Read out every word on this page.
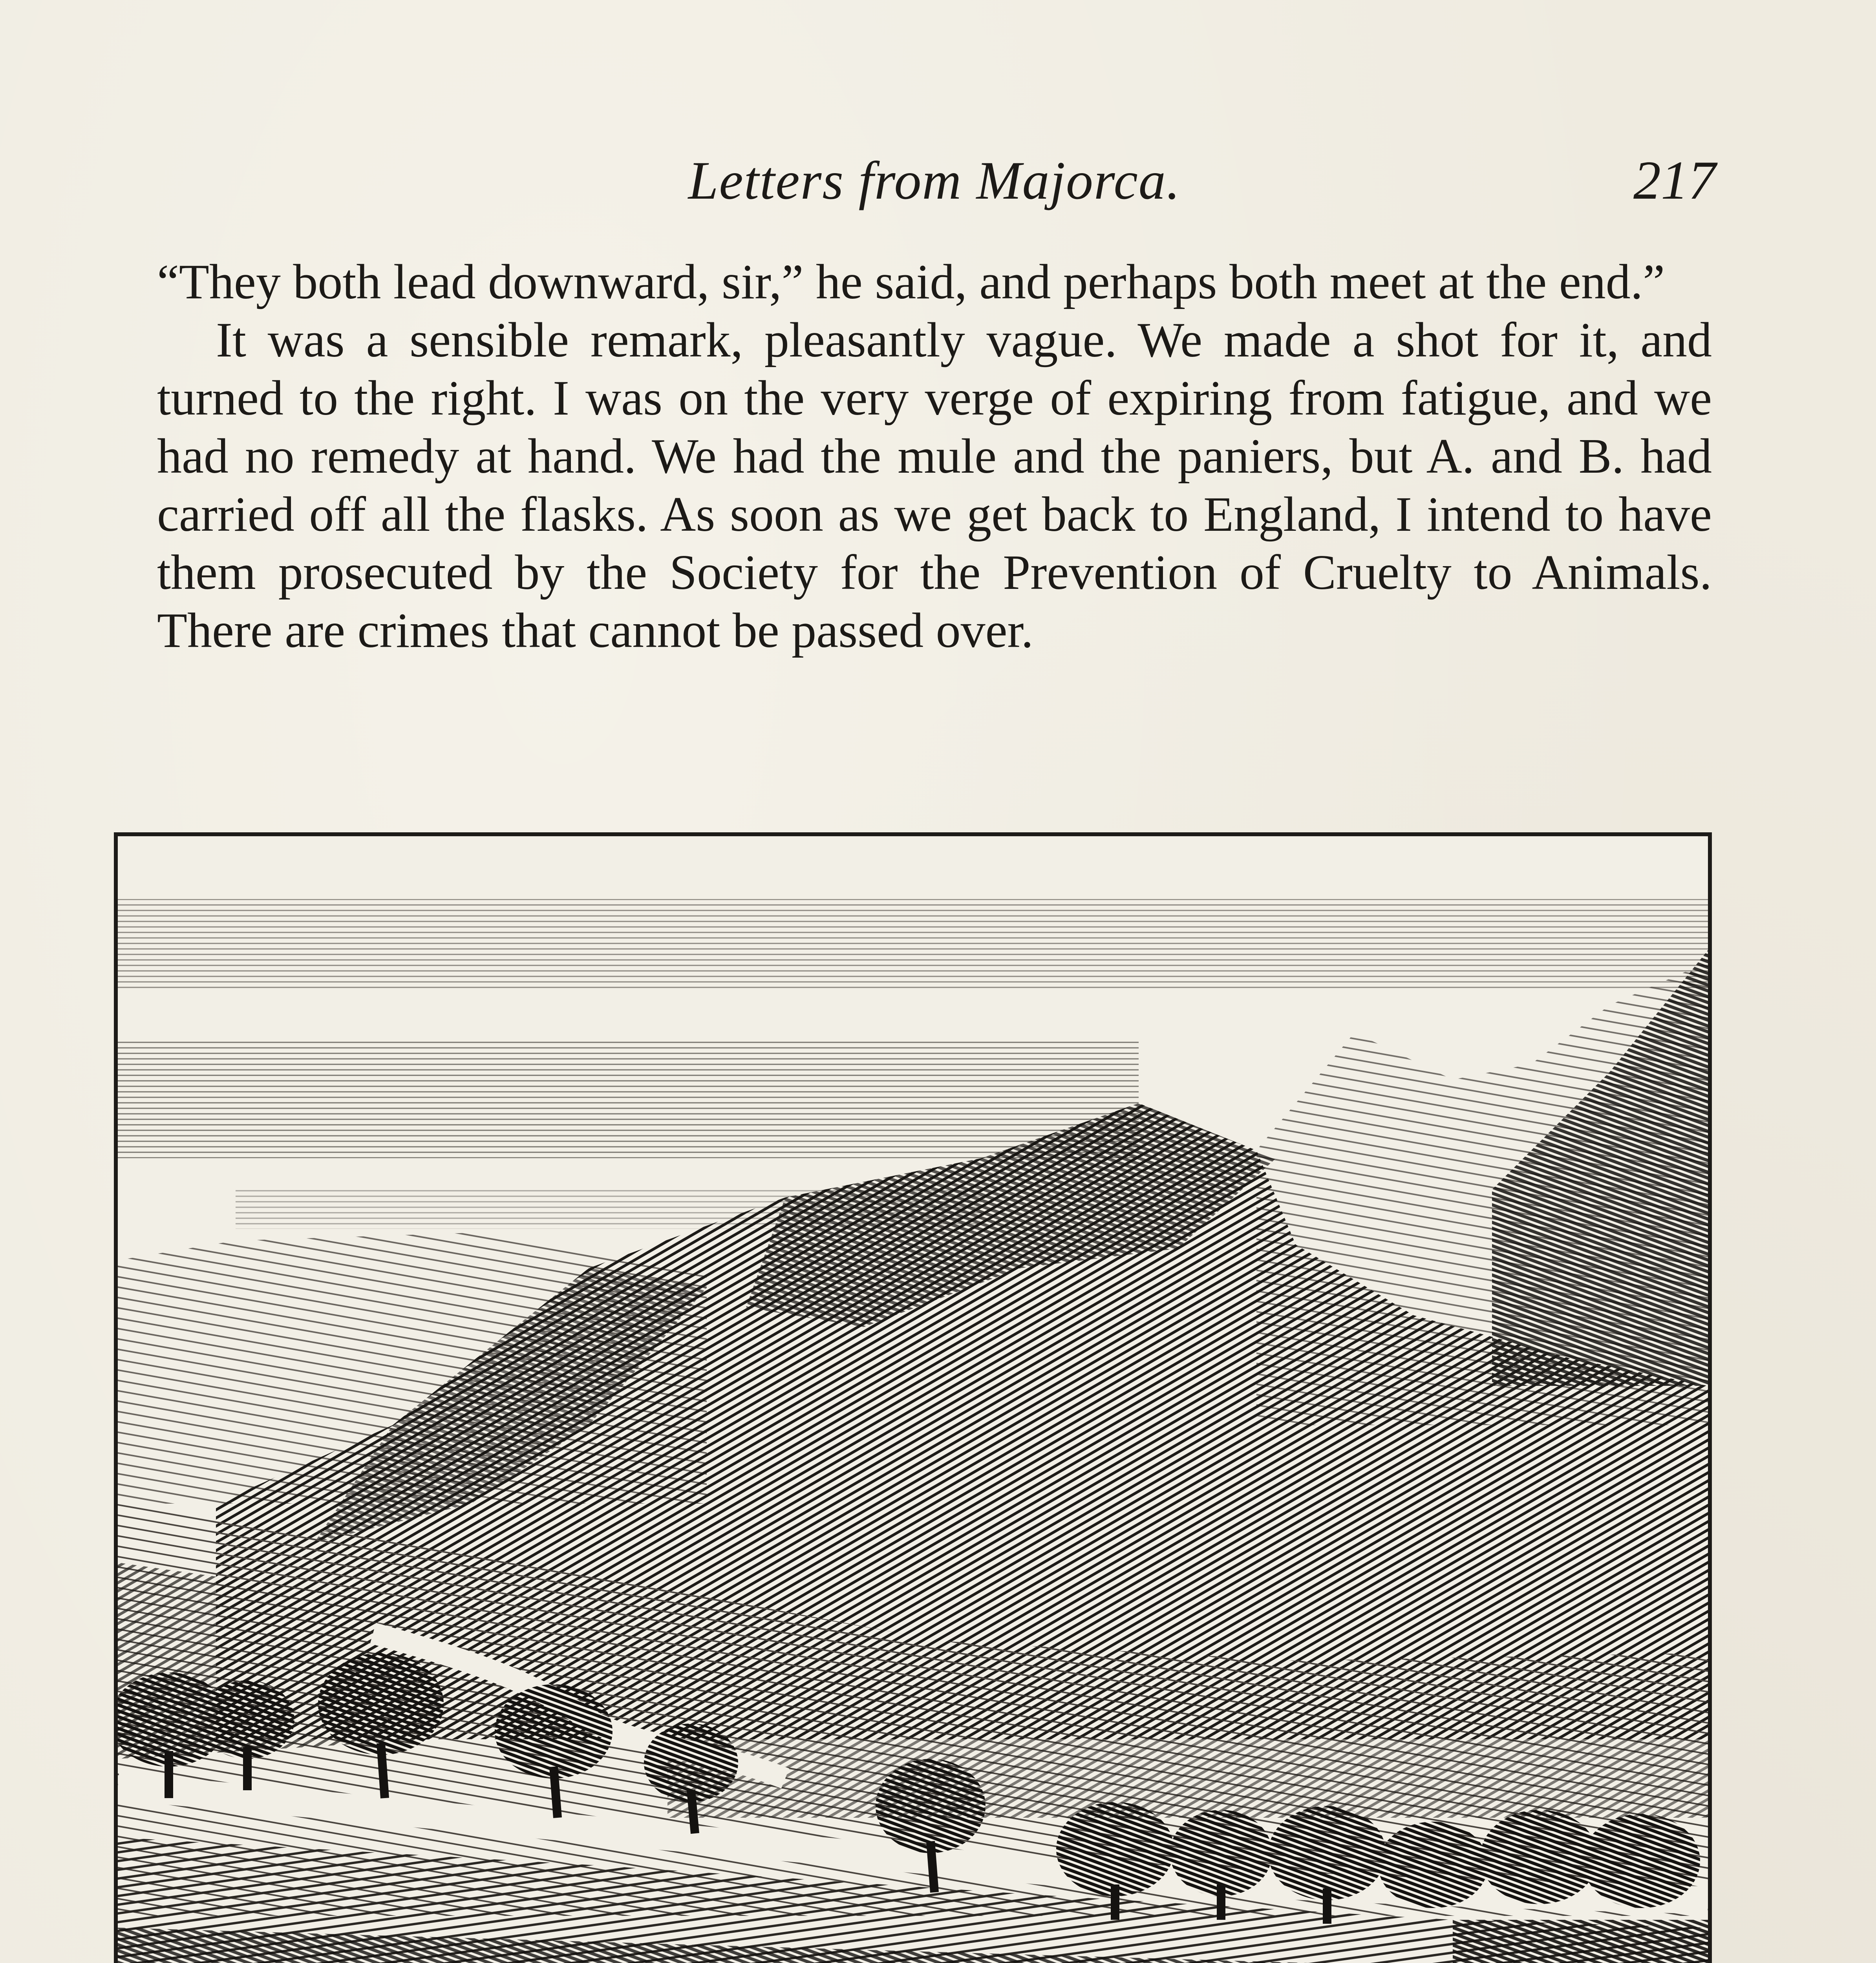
Letters from Majorca.	217

“They both lead downward, sir,” he said, and perhaps both meet at the end.”

It was a sensible remark, pleasantly vague. We made a shot for it, and turned to the right. I was on the very verge of expiring from fatigue, and we had no remedy at hand. We had the mule and the paniers, but A. and B. had carried off all the flasks. As soon as we get back to England, I intend to have them prosecuted by the Society for the Prevention of Cruelty to Animals. There are crimes that cannot be passed over.
